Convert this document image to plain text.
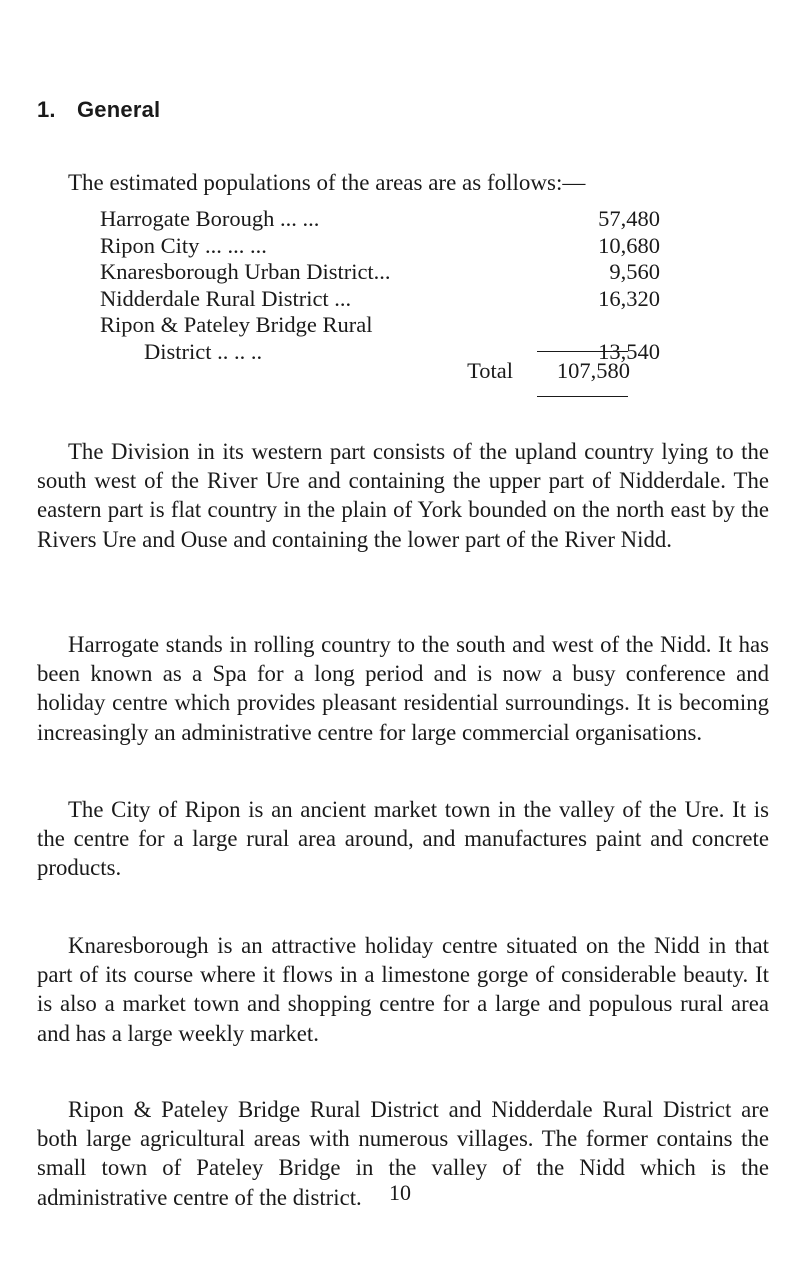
1. General
The estimated populations of the areas are as follows:—
Harrogate Borough ... ...	57,480
Ripon City ... ... ...	10,680
Knaresborough Urban District...	9,560
Nidderdale Rural District ...	16,320
Ripon & Pateley Bridge Rural	
District .. .. ..	13,540
Total	107,580

The Division in its western part consists of the upland country lying to the south west of the River Ure and containing the upper part of Nidderdale. The eastern part is flat country in the plain of York bounded on the north east by the Rivers Ure and Ouse and containing the lower part of the River Nidd.

Harrogate stands in rolling country to the south and west of the Nidd. It has been known as a Spa for a long period and is now a busy conference and holiday centre which provides pleasant residential surroundings. It is becoming increasingly an administrative centre for large commercial organisations.

The City of Ripon is an ancient market town in the valley of the Ure. It is the centre for a large rural area around, and manufactures paint and concrete products.

Knaresborough is an attractive holiday centre situated on the Nidd in that part of its course where it flows in a limestone gorge of considerable beauty. It is also a market town and shopping centre for a large and populous rural area and has a large weekly market.

Ripon & Pateley Bridge Rural District and Nidderdale Rural District are both large agricultural areas with numerous villages. The former contains the small town of Pateley Bridge in the valley of the Nidd which is the administrative centre of the district.	10
